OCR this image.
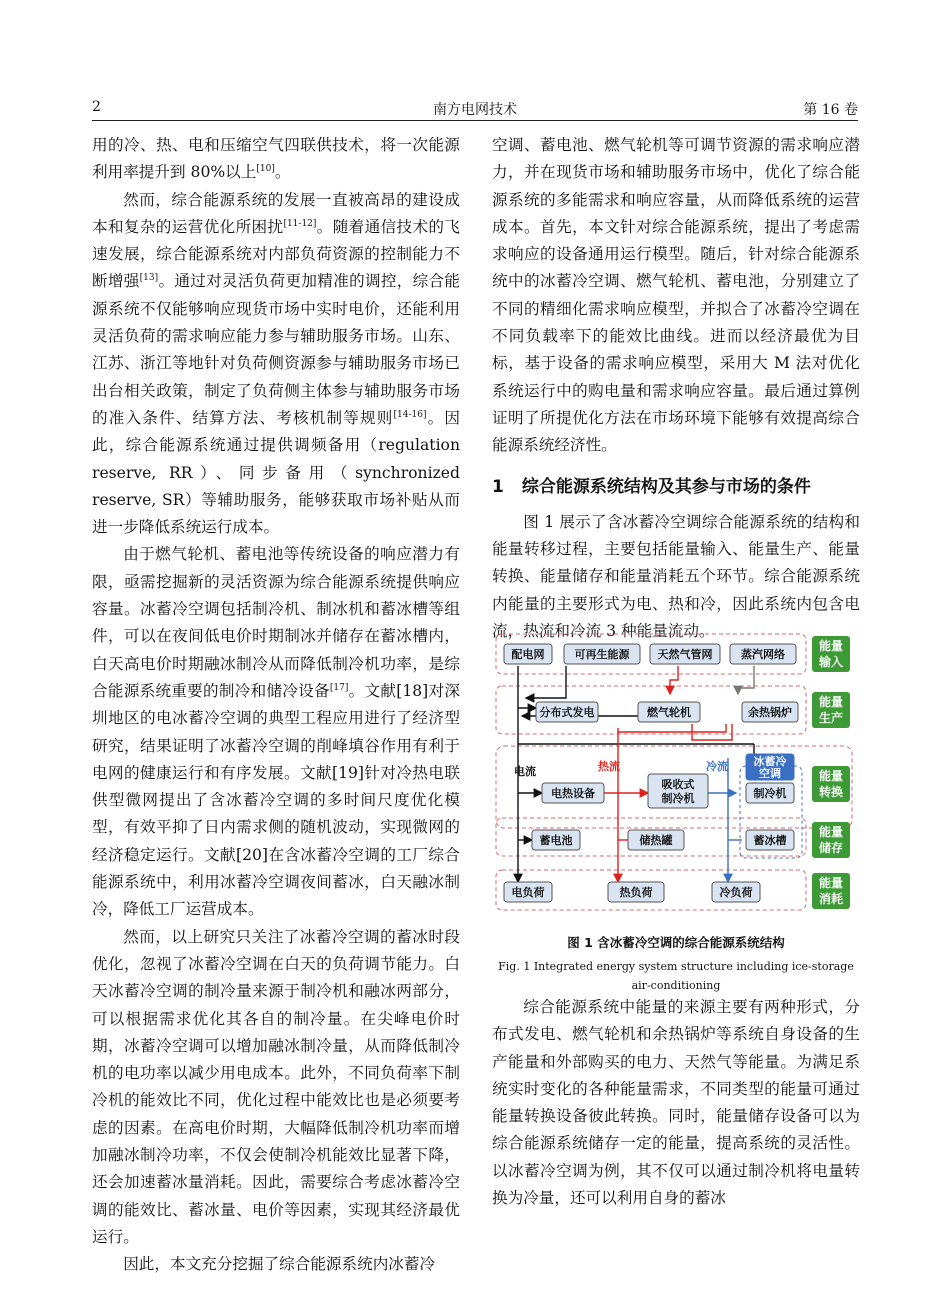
2	南方电网技术	第 16 卷

用的冷、热、电和压缩空气四联供技术，将一次能源利用率提升到 80%以上[10]。

然而，综合能源系统的发展一直被高昂的建设成本和复杂的运营优化所困扰[11-12]。随着通信技术的飞速发展，综合能源系统对内部负荷资源的控制能力不断增强[13]。通过对灵活负荷更加精准的调控，综合能源系统不仅能够响应现货市场中实时电价，还能利用灵活负荷的需求响应能力参与辅助服务市场。山东、江苏、浙江等地针对负荷侧资源参与辅助服务市场已出台相关政策，制定了负荷侧主体参与辅助服务市场的准入条件、结算方法、考核机制等规则[14-16]。因此，综合能源系统通过提供调频备用（regulation reserve, RR）、同步备用（synchronized reserve, SR）等辅助服务，能够获取市场补贴从而进一步降低系统运行成本。

由于燃气轮机、蓄电池等传统设备的响应潜力有限，亟需挖掘新的灵活资源为综合能源系统提供响应容量。冰蓄冷空调包括制冷机、制冰机和蓄冰槽等组件，可以在夜间低电价时期制冰并储存在蓄冰槽内，白天高电价时期融冰制冷从而降低制冷机功率，是综合能源系统重要的制冷和储冷设备[17]。文献[18]对深圳地区的电冰蓄冷空调的典型工程应用进行了经济型研究，结果证明了冰蓄冷空调的削峰填谷作用有利于电网的健康运行和有序发展。文献[19]针对冷热电联供型微网提出了含冰蓄冷空调的多时间尺度优化模型，有效平抑了日内需求侧的随机波动，实现微网的经济稳定运行。文献[20]在含冰蓄冷空调的工厂综合能源系统中，利用冰蓄冷空调夜间蓄冰，白天融冰制冷，降低工厂运营成本。

然而，以上研究只关注了冰蓄冷空调的蓄冰时段优化，忽视了冰蓄冷空调在白天的负荷调节能力。白天冰蓄冷空调的制冷量来源于制冷机和融冰两部分，可以根据需求优化其各自的制冷量。在尖峰电价时期，冰蓄冷空调可以增加融冰制冷量，从而降低制冷机的电功率以减少用电成本。此外，不同负荷率下制冷机的能效比不同，优化过程中能效比也是必须要考虑的因素。在高电价时期，大幅降低制冷机功率而增加融冰制冷功率，不仅会使制冷机能效比显著下降，还会加速蓄冰量消耗。因此，需要综合考虑冰蓄冷空调的能效比、蓄冰量、电价等因素，实现其经济最优运行。

因此，本文充分挖掘了综合能源系统内冰蓄冷

空调、蓄电池、燃气轮机等可调节资源的需求响应潜力，并在现货市场和辅助服务市场中，优化了综合能源系统的多能需求和响应容量，从而降低系统的运营成本。首先，本文针对综合能源系统，提出了考虑需求响应的设备通用运行模型。随后，针对综合能源系统中的冰蓄冷空调、燃气轮机、蓄电池，分别建立了不同的精细化需求响应模型，并拟合了冰蓄冷空调在不同负载率下的能效比曲线。进而以经济最优为目标，基于设备的需求响应模型，采用大 M 法对优化系统运行中的购电量和需求响应容量。最后通过算例证明了所提优化方法在市场环境下能够有效提高综合能源系统经济性。

1 综合能源系统结构及其参与市场的条件

图 1 展示了含冰蓄冷空调综合能源系统的结构和能量转移过程，主要包括能量输入、能量生产、能量转换、能量储存和能量消耗五个环节。综合能源系统内能量的主要形式为电、热和冷，因此系统内包含电流，热流和冷流 3 种能量流动。

能量
输入
能量
生产
能量
转换
能量
储存
能量
消耗
电流	热流	冷流
配电网	可再生能源	天然气管网	蒸汽网络
分布式发电	燃气轮机	余热锅炉
电热设备	制冷机
蓄电池	储热罐	蓄冰槽
电负荷	热负荷	冷负荷
吸收式
制冷机
冰蓄冷
空调
图 1 含冰蓄冷空调的综合能源系统结构
Fig. 1 Integrated energy system structure including ice-storage
air-conditioning

综合能源系统中能量的来源主要有两种形式，分布式发电、燃气轮机和余热锅炉等系统自身设备的生产能量和外部购买的电力、天然气等能量。为满足系统实时变化的各种能量需求，不同类型的能量可通过能量转换设备彼此转换。同时，能量储存设备可以为综合能源系统储存一定的能量，提高系统的灵活性。以冰蓄冷空调为例，其不仅可以通过制冷机将电量转换为冷量，还可以利用自身的蓄冰
